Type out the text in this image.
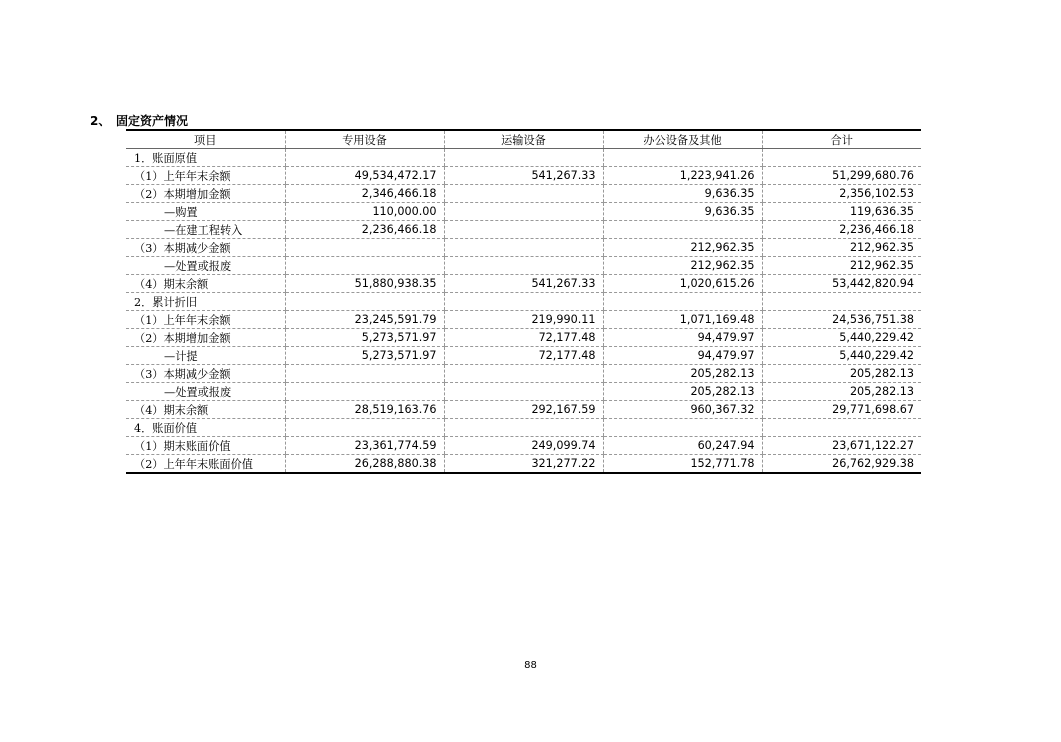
2、 固定资产情况
项目	专用设备	运输设备	办公设备及其他	合计
1．账面原值				
（1）上年年末余额	49,534,472.17	541,267.33	1,223,941.26	51,299,680.76
（2）本期增加金额	2,346,466.18		9,636.35	2,356,102.53
—购置	110,000.00		9,636.35	119,636.35
—在建工程转入	2,236,466.18			2,236,466.18
（3）本期减少金额			212,962.35	212,962.35
—处置或报废			212,962.35	212,962.35
（4）期末余额	51,880,938.35	541,267.33	1,020,615.26	53,442,820.94
2．累计折旧				
（1）上年年末余额	23,245,591.79	219,990.11	1,071,169.48	24,536,751.38
（2）本期增加金额	5,273,571.97	72,177.48	94,479.97	5,440,229.42
—计提	5,273,571.97	72,177.48	94,479.97	5,440,229.42
（3）本期减少金额			205,282.13	205,282.13
—处置或报废			205,282.13	205,282.13
（4）期末余额	28,519,163.76	292,167.59	960,367.32	29,771,698.67
4．账面价值				
（1）期末账面价值	23,361,774.59	249,099.74	60,247.94	23,671,122.27
（2）上年年末账面价值	26,288,880.38	321,277.22	152,771.78	26,762,929.38
88
